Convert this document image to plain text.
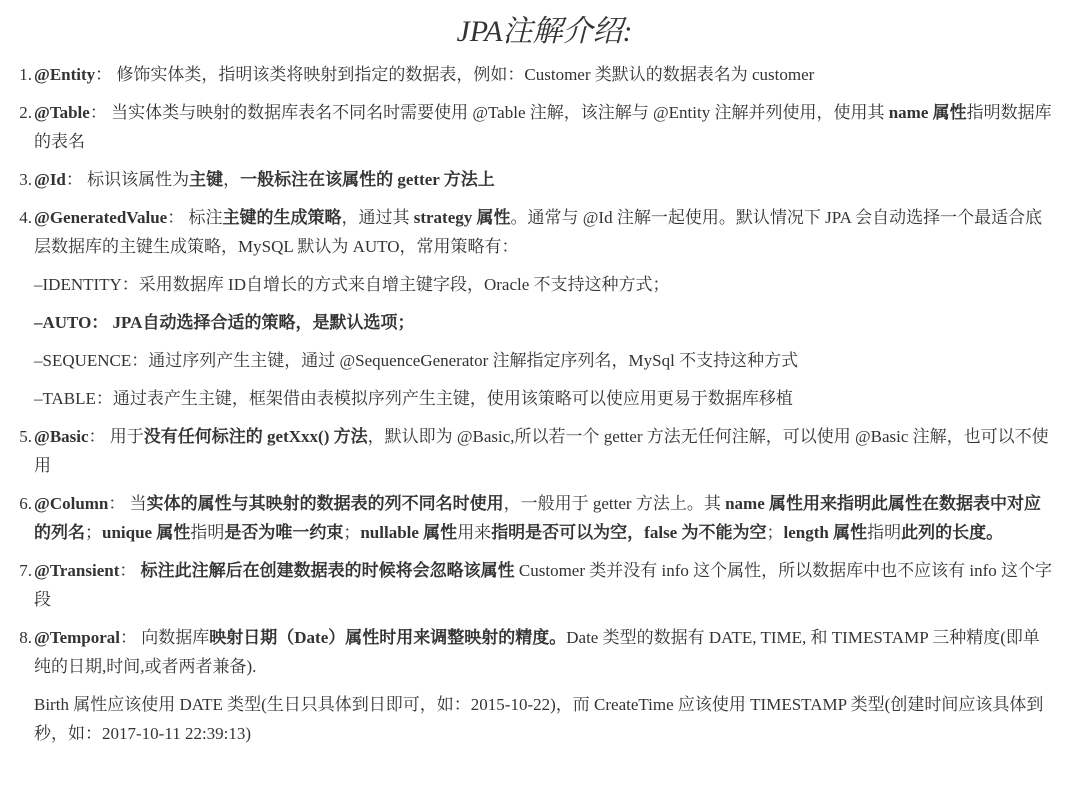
JPA注解介绍:
1. @Entity： 修饰实体类，指明该类将映射到指定的数据表，例如：Customer 类默认的数据表名为 customer

2. @Table： 当实体类与映射的数据库表名不同名时需要使用 @Table 注解，该注解与 @Entity 注解并列使用，使用其 name 属性指明数据库的表名

3. @Id： 标识该属性为主键，一般标注在该属性的 getter 方法上

4. @GeneratedValue： 标注主键的生成策略，通过其 strategy 属性。通常与 @Id 注解一起使用。默认情况下 JPA 会自动选择一个最适合底层数据库的主键生成策略，MySQL 默认为 AUTO，常用策略有：

–IDENTITY：采用数据库 ID自增长的方式来自增主键字段，Oracle 不支持这种方式；

–AUTO： JPA自动选择合适的策略，是默认选项；

–SEQUENCE：通过序列产生主键，通过 @SequenceGenerator 注解指定序列名，MySql 不支持这种方式

–TABLE：通过表产生主键，框架借由表模拟序列产生主键，使用该策略可以使应用更易于数据库移植

5. @Basic： 用于没有任何标注的 getXxx() 方法，默认即为 @Basic,所以若一个 getter 方法无任何注解，可以使用 @Basic 注解，也可以不使用

6. @Column： 当实体的属性与其映射的数据表的列不同名时使用，一般用于 getter 方法上。其 name 属性用来指明此属性在数据表中对应的列名；unique 属性指明是否为唯一约束；nullable 属性用来指明是否可以为空，false 为不能为空；length 属性指明此列的长度。

7. @Transient： 标注此注解后在创建数据表的时候将会忽略该属性 Customer 类并没有 info 这个属性，所以数据库中也不应该有 info 这个字段

8. @Temporal： 向数据库映射日期（Date）属性时用来调整映射的精度。Date 类型的数据有 DATE, TIME, 和 TIMESTAMP 三种精度(即单纯的日期,时间,或者两者兼备).

Birth 属性应该使用 DATE 类型(生日只具体到日即可，如：2015-10-22)，而 CreateTime 应该使用 TIMESTAMP 类型(创建时间应该具体到秒，如：2017-10-11 22:39:13)
